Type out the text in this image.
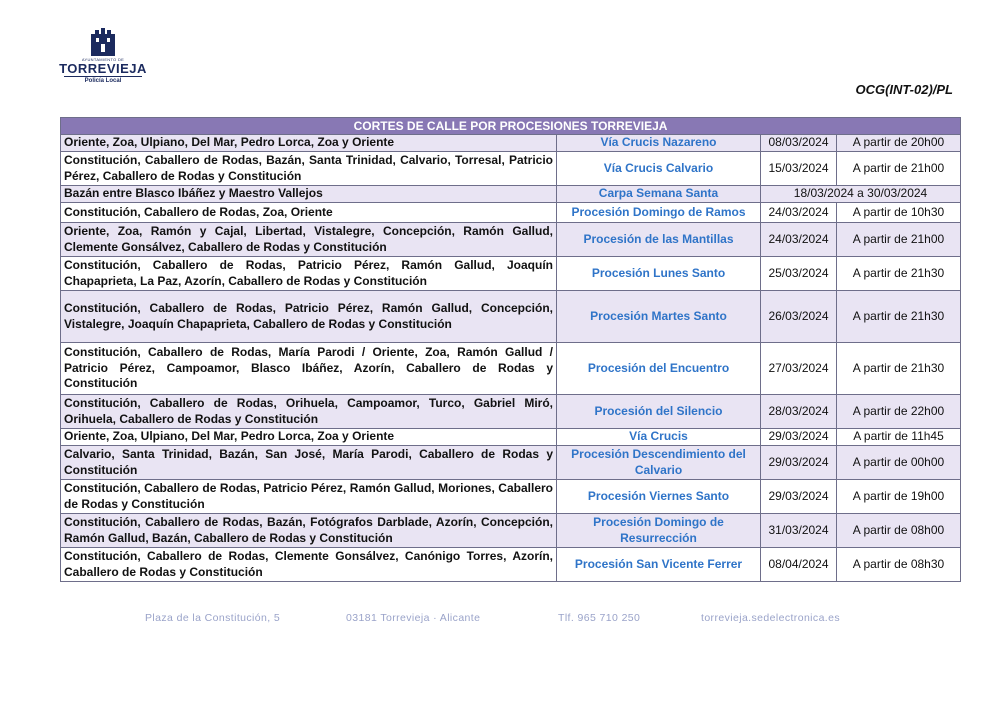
AYUNTAMIENTO DE
TORREVIEJA
Policía Local
OCG(INT-02)/PL
CORTES DE CALLE POR PROCESIONES TORREVIEJA			
Oriente, Zoa, Ulpiano, Del Mar, Pedro Lorca, Zoa y Oriente	Vía Crucis Nazareno	08/03/2024	A partir de 20h00
Constitución, Caballero de Rodas, Bazán, Santa Trinidad, Calvario, Torresal, Patricio Pérez, Caballero de Rodas y Constitución	Vía Crucis Calvario	15/03/2024	A partir de 21h00
Bazán entre Blasco Ibáñez y Maestro Vallejos	Carpa Semana Santa	18/03/2024 a 30/03/2024	
Constitución, Caballero de Rodas, Zoa, Oriente	Procesión Domingo de Ramos	24/03/2024	A partir de 10h30
Oriente, Zoa, Ramón y Cajal, Libertad, Vistalegre, Concepción, Ramón Gallud, Clemente Gonsálvez, Caballero de Rodas y Constitución	Procesión de las Mantillas	24/03/2024	A partir de 21h00
Constitución, Caballero de Rodas, Patricio Pérez, Ramón Gallud, Joaquín Chapaprieta, La Paz, Azorín, Caballero de Rodas y Constitución	Procesión Lunes Santo	25/03/2024	A partir de 21h30
Constitución, Caballero de Rodas, Patricio Pérez, Ramón Gallud, Concepción, Vistalegre, Joaquín Chapaprieta, Caballero de Rodas y Constitución	Procesión Martes Santo	26/03/2024	A partir de 21h30
Constitución, Caballero de Rodas, María Parodi / Oriente, Zoa, Ramón Gallud / Patricio Pérez, Campoamor, Blasco Ibáñez, Azorín, Caballero de Rodas y Constitución	Procesión del Encuentro	27/03/2024	A partir de 21h30
Constitución, Caballero de Rodas, Orihuela, Campoamor, Turco, Gabriel Miró, Orihuela, Caballero de Rodas y Constitución	Procesión del Silencio	28/03/2024	A partir de 22h00
Oriente, Zoa, Ulpiano, Del Mar, Pedro Lorca, Zoa y Oriente	Vía Crucis	29/03/2024	A partir de 11h45
Calvario, Santa Trinidad, Bazán, San José, María Parodi, Caballero de Rodas y Constitución	Procesión Descendimiento del Calvario	29/03/2024	A partir de 00h00
Constitución, Caballero de Rodas, Patricio Pérez, Ramón Gallud, Moriones, Caballero de Rodas y Constitución	Procesión Viernes Santo	29/03/2024	A partir de 19h00
Constitución, Caballero de Rodas, Bazán, Fotógrafos Darblade, Azorín, Concepción, Ramón Gallud, Bazán, Caballero de Rodas y Constitución	Procesión Domingo de Resurrección	31/03/2024	A partir de 08h00
Constitución, Caballero de Rodas, Clemente Gonsálvez, Canónigo Torres, Azorín, Caballero de Rodas y Constitución	Procesión San Vicente Ferrer	08/04/2024	A partir de 08h30
Plaza de la Constitución, 5	03181 Torrevieja · Alicante	Tlf. 965 710 250	torrevieja.sedelectronica.es
